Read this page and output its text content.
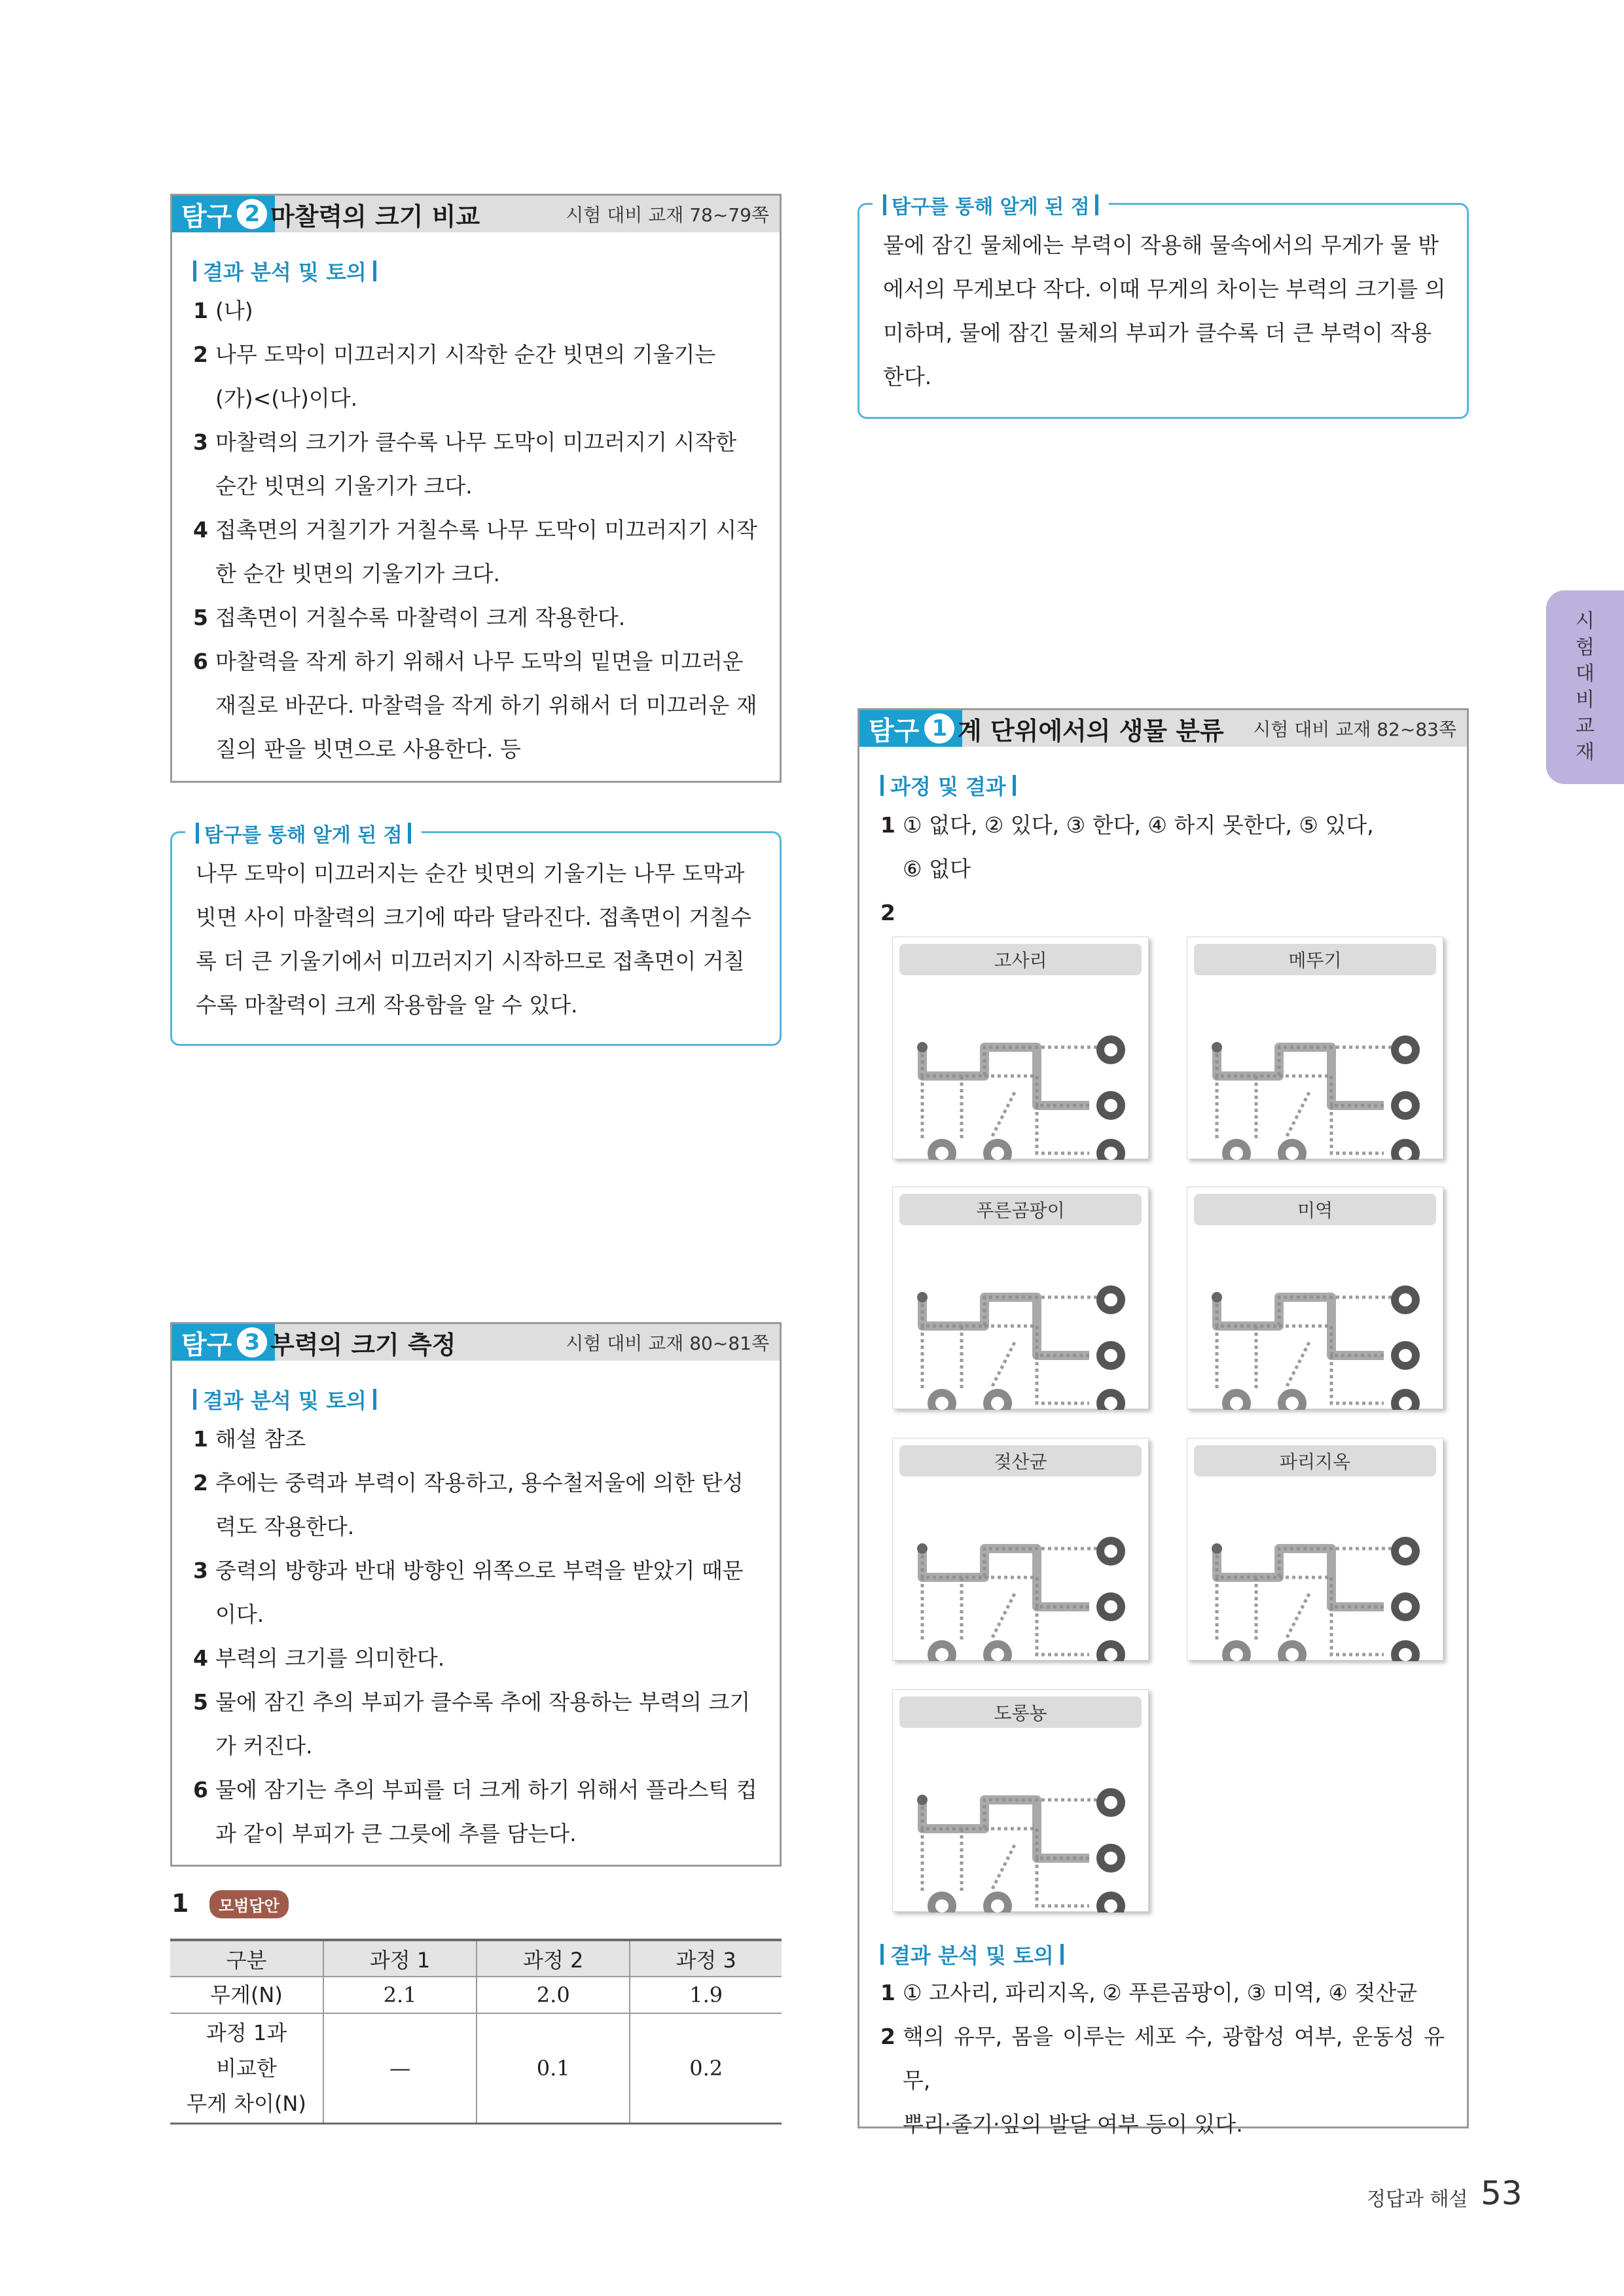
탐구 2 마찰력의 크기 비교	시험 대비 교재 78~79쪽
결과 분석 및 토의
1 (나)
2 나무 도막이 미끄러지기 시작한 순간 빗면의 기울기는
(가)<(나)이다.
3 마찰력의 크기가 클수록 나무 도막이 미끄러지기 시작한
순간 빗면의 기울기가 크다.
4 접촉면의 거칠기가 거칠수록 나무 도막이 미끄러지기 시작
한 순간 빗면의 기울기가 크다.
5 접촉면이 거칠수록 마찰력이 크게 작용한다.
6 마찰력을 작게 하기 위해서 나무 도막의 밑면을 미끄러운
재질로 바꾼다. 마찰력을 작게 하기 위해서 더 미끄러운 재
질의 판을 빗면으로 사용한다. 등
탐구를 통해 알게 된 점
나무 도막이 미끄러지는 순간 빗면의 기울기는 나무 도막과
빗면 사이 마찰력의 크기에 따라 달라진다. 접촉면이 거칠수
록 더 큰 기울기에서 미끄러지기 시작하므로 접촉면이 거칠
수록 마찰력이 크게 작용함을 알 수 있다.
탐구 3 부력의 크기 측정	시험 대비 교재 80~81쪽
결과 분석 및 토의
1 해설 참조
2 추에는 중력과 부력이 작용하고, 용수철저울에 의한 탄성
력도 작용한다.
3 중력의 방향과 반대 방향인 위쪽으로 부력을 받았기 때문
이다.
4 부력의 크기를 의미한다.
5 물에 잠긴 추의 부피가 클수록 추에 작용하는 부력의 크기
가 커진다.
6 물에 잠기는 추의 부피를 더 크게 하기 위해서 플라스틱 컵
과 같이 부피가 큰 그릇에 추를 담는다.
1	모범답안
구분	과정 1	과정 2	과정 3
무게(N)	2.1	2.0	1.9

과정 1과
비교한
무게 차이(N)	—	0.1	0.2
탐구를 통해 알게 된 점
물에 잠긴 물체에는 부력이 작용해 물속에서의 무게가 물 밖
에서의 무게보다 작다. 이때 무게의 차이는 부력의 크기를 의
미하며, 물에 잠긴 물체의 부피가 클수록 더 큰 부력이 작용
한다.
시
험
대
비
교
재
탐구 1 계 단위에서의 생물 분류 시험 대비 교재 82~83쪽
과정 및 결과
1 ① 없다, ② 있다, ③ 한다, ④ 하지 못한다, ⑤ 있다,
⑥ 없다
2
고사리	메뚜기
푸른곰팡이	미역
젖산균	파리지옥
도롱뇽
결과 분석 및 토의
1 ① 고사리, 파리지옥, ② 푸른곰팡이, ③ 미역, ④ 젖산균
2 핵의 유무, 몸을 이루는 세포 수, 광합성 여부, 운동성 유무,
뿌리·줄기·잎의 발달 여부 등이 있다.
정답과 해설 53
